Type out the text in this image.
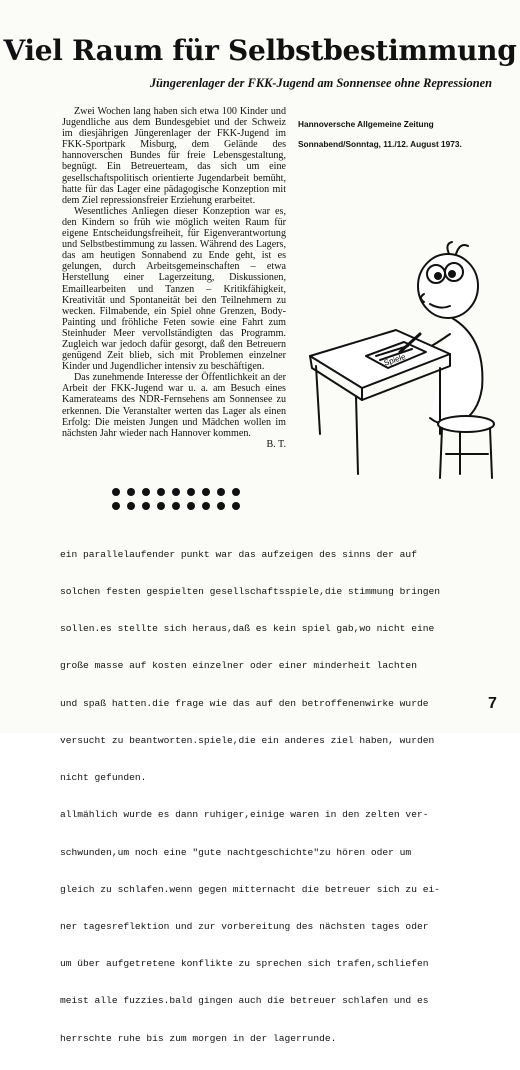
Viel Raum für Selbstbestimmung
Jüngerenlager der FKK-Jugend am Sonnensee ohne Repressionen

Zwei Wochen lang haben sich etwa 100 Kinder und Jugendliche aus dem Bundesgebiet und der Schweiz im diesjährigen Jüngerenlager der FKK-Jugend im FKK-Sportpark Misburg, dem Gelände des hannoverschen Bundes für freie Lebensgestaltung, begnügt. Ein Betreuerteam, das sich um eine gesellschaftspolitisch orientierte Jugendarbeit bemüht, hatte für das Lager eine pädagogische Konzeption mit dem Ziel repressionsfreier Erziehung erarbeitet.

Wesentliches Anliegen dieser Konzeption war es, den Kindern so früh wie möglich weiten Raum für eigene Entscheidungsfreiheit, für Eigenverantwortung und Selbstbestimmung zu lassen. Während des Lagers, das am heutigen Sonnabend zu Ende geht, ist es gelungen, durch Arbeitsgemeinschaften – etwa Herstellung einer Lagerzeitung, Diskussionen, Emaillearbeiten und Tanzen – Kritikfähigkeit, Kreativität und Spontaneität bei den Teilnehmern zu wecken. Filmabende, ein Spiel ohne Grenzen, Body-Painting und fröhliche Feten sowie eine Fahrt zum Steinhuder Meer vervollständigten das Programm. Zugleich war jedoch dafür gesorgt, daß den Betreuern genügend Zeit blieb, sich mit Problemen einzelner Kinder und Jugendlicher intensiv zu beschäftigen.

Das zunehmende Interesse der Öffentlichkeit an der Arbeit der FKK-Jugend war u. a. am Besuch eines Kamerateams des NDR-Fernsehens am Sonnensee zu erkennen. Die Veranstalter werten das Lager als einen Erfolg: Die meisten Jungen und Mädchen wollen im nächsten Jahr wieder nach Hannover kommen.
B. T.

Hannoversche Allgemeine Zeitung
Sonnabend/Sonntag, 11./12. August 1973.
Spiele

ein parallelaufender punkt war das aufzeigen des sinns der auf

solchen festen gespielten gesellschaftsspiele,die stimmung bringen

sollen.es stellte sich heraus,daß es kein spiel gab,wo nicht eine

große masse auf kosten einzelner oder einer minderheit lachten

und spaß hatten.die frage wie das auf den betroffenenwirke wurde

versucht zu beantworten.spiele,die ein anderes ziel haben, wurden

nicht gefunden.

allmählich wurde es dann ruhiger,einige waren in den zelten ver-

schwunden,um noch eine "gute nachtgeschichte"zu hören oder um

gleich zu schlafen.wenn gegen mitternacht die betreuer sich zu ei-

ner tagesreflektion und zur vorbereitung des nächsten tages oder

um über aufgetretene konflikte zu sprechen sich trafen,schliefen

meist alle fuzzies.bald gingen auch die betreuer schlafen und es

herrschte ruhe bis zum morgen in der lagerrunde.

7
